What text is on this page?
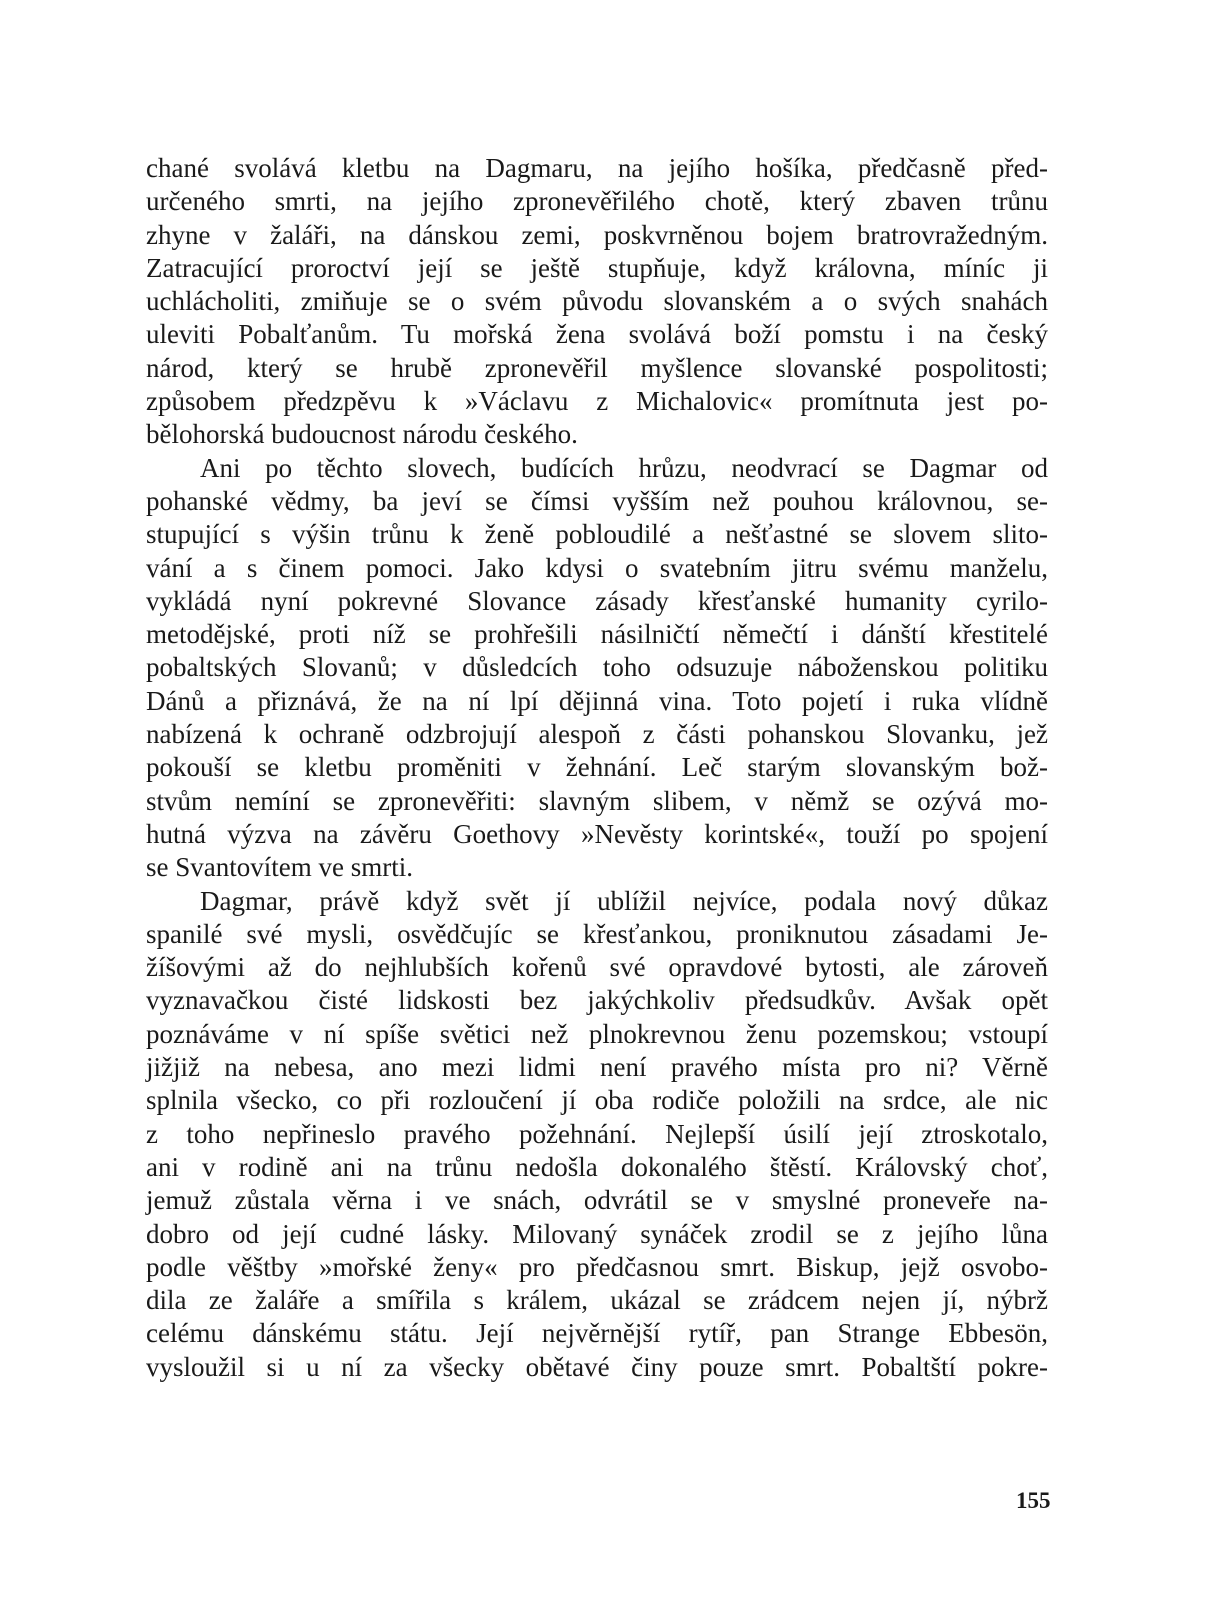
chané svolává kletbu na Dagmaru, na jejího hošíka, předčasně před-
určeného smrti, na jejího zpronevěřilého chotě, který zbaven trůnu
zhyne v žaláři, na dánskou zemi, poskvrněnou bojem bratrovražedným.
Zatracující proroctví její se ještě stupňuje, když královna, míníc ji
uchlácholiti, zmiňuje se o svém původu slovanském a o svých snahách
uleviti Pobalťanům. Tu mořská žena svolává boží pomstu i na český
národ, který se hrubě zpronevěřil myšlence slovanské pospolitosti;
způsobem předzpěvu k »Václavu z Michalovic« promítnuta jest po-
bělohorská budoucnost národu českého.
Ani po těchto slovech, budících hrůzu, neodvrací se Dagmar od
pohanské vědmy, ba jeví se čímsi vyšším než pouhou královnou, se-
stupující s výšin trůnu k ženě pobloudilé a nešťastné se slovem slito-
vání a s činem pomoci. Jako kdysi o svatebním jitru svému manželu,
vykládá nyní pokrevné Slovance zásady křesťanské humanity cyrilo-
metodějské, proti níž se prohřešili násilničtí němečtí i dánští křestitelé
pobaltských Slovanů; v důsledcích toho odsuzuje náboženskou politiku
Dánů a přiznává, že na ní lpí dějinná vina. Toto pojetí i ruka vlídně
nabízená k ochraně odzbrojují alespoň z části pohanskou Slovanku, jež
pokouší se kletbu proměniti v žehnání. Leč starým slovanským bož-
stvům nemíní se zpronevěřiti: slavným slibem, v němž se ozývá mo-
hutná výzva na závěru Goethovy »Nevěsty korintské«, touží po spojení
se Svantovítem ve smrti.
Dagmar, právě když svět jí ublížil nejvíce, podala nový důkaz
spanilé své mysli, osvědčujíc se křesťankou, proniknutou zásadami Je-
žíšovými až do nejhlubších kořenů své opravdové bytosti, ale zároveň
vyznavačkou čisté lidskosti bez jakýchkoliv předsudkův. Avšak opět
poznáváme v ní spíše světici než plnokrevnou ženu pozemskou; vstoupí
jižjiž na nebesa, ano mezi lidmi není pravého místa pro ni? Věrně
splnila všecko, co při rozloučení jí oba rodiče položili na srdce, ale nic
z toho nepřineslo pravého požehnání. Nejlepší úsilí její ztroskotalo,
ani v rodině ani na trůnu nedošla dokonalého štěstí. Královský choť,
jemuž zůstala věrna i ve snách, odvrátil se v smyslné proneveře na-
dobro od její cudné lásky. Milovaný synáček zrodil se z jejího lůna
podle věštby »mořské ženy« pro předčasnou smrt. Biskup, jejž osvobo-
dila ze žaláře a smířila s králem, ukázal se zrádcem nejen jí, nýbrž
celému dánskému státu. Její nejvěrnější rytíř, pan Strange Ebbesön,
vysloužil si u ní za všecky obětavé činy pouze smrt. Pobaltští pokre-
155
